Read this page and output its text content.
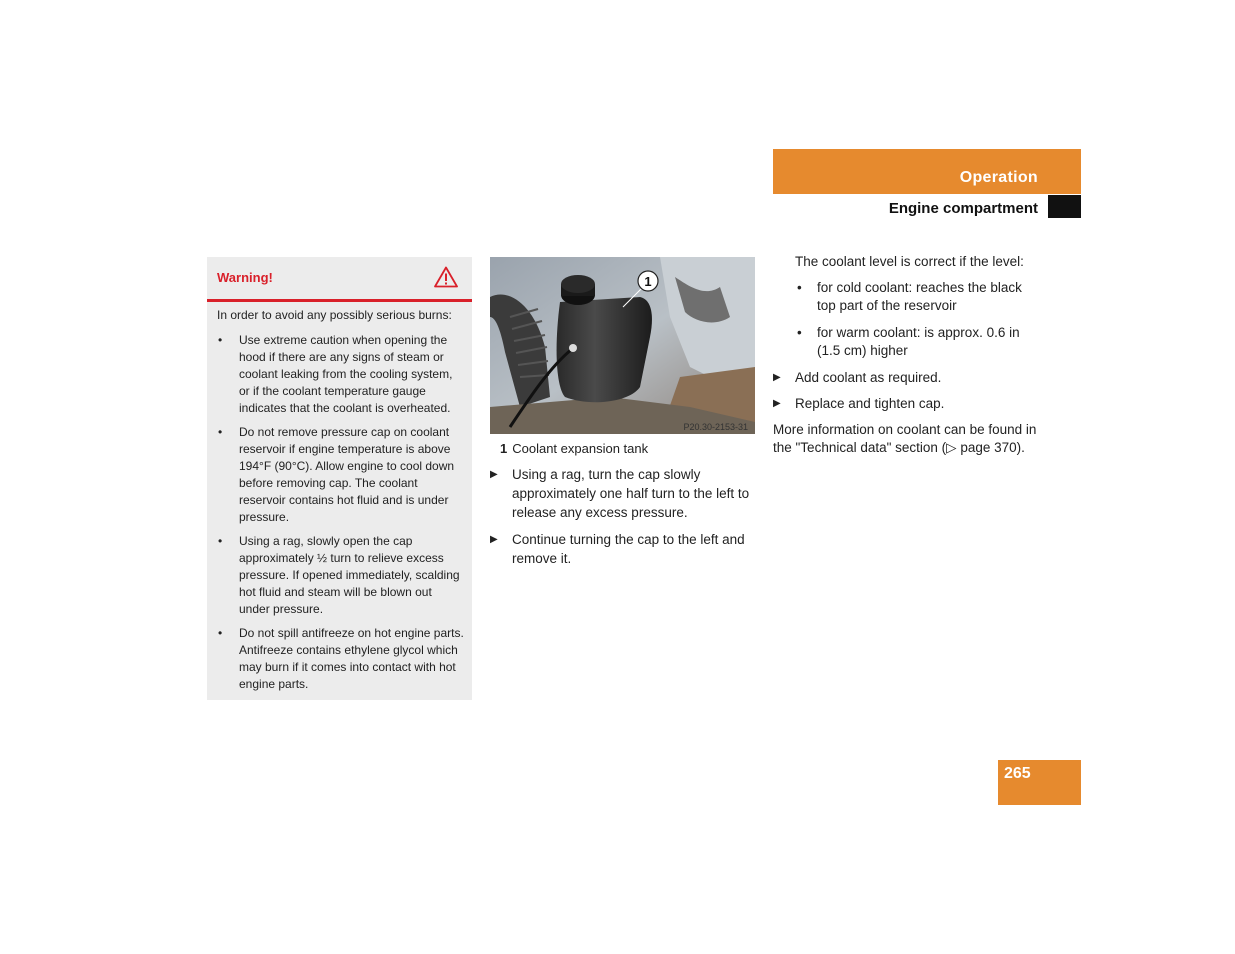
Operation
Engine compartment
Warning!
In order to avoid any possibly serious burns:
• Use extreme caution when opening the hood if there are any signs of steam or coolant leaking from the cooling system, or if the coolant temperature gauge indicates that the coolant is overheated.
• Do not remove pressure cap on coolant reservoir if engine temperature is above 194°F (90°C). Allow engine to cool down before removing cap. The coolant reservoir contains hot fluid and is under pressure.
• Using a rag, slowly open the cap approximately ½ turn to relieve excess pressure. If opened immediately, scalding hot fluid and steam will be blown out under pressure.
• Do not spill antifreeze on hot engine parts. Antifreeze contains ethylene glycol which may burn if it comes into contact with hot engine parts.
1
P20.30-2153-31
1 Coolant expansion tank
▶ Using a rag, turn the cap slowly approximately one half turn to the left to release any excess pressure.
▶ Continue turning the cap to the left and remove it.
The coolant level is correct if the level:
• for cold coolant: reaches the black top part of the reservoir
• for warm coolant: is approx. 0.6 in (1.5 cm) higher
▶ Add coolant as required.
▶ Replace and tighten cap.
More information on coolant can be found in the "Technical data" section (▷ page 370).
265
